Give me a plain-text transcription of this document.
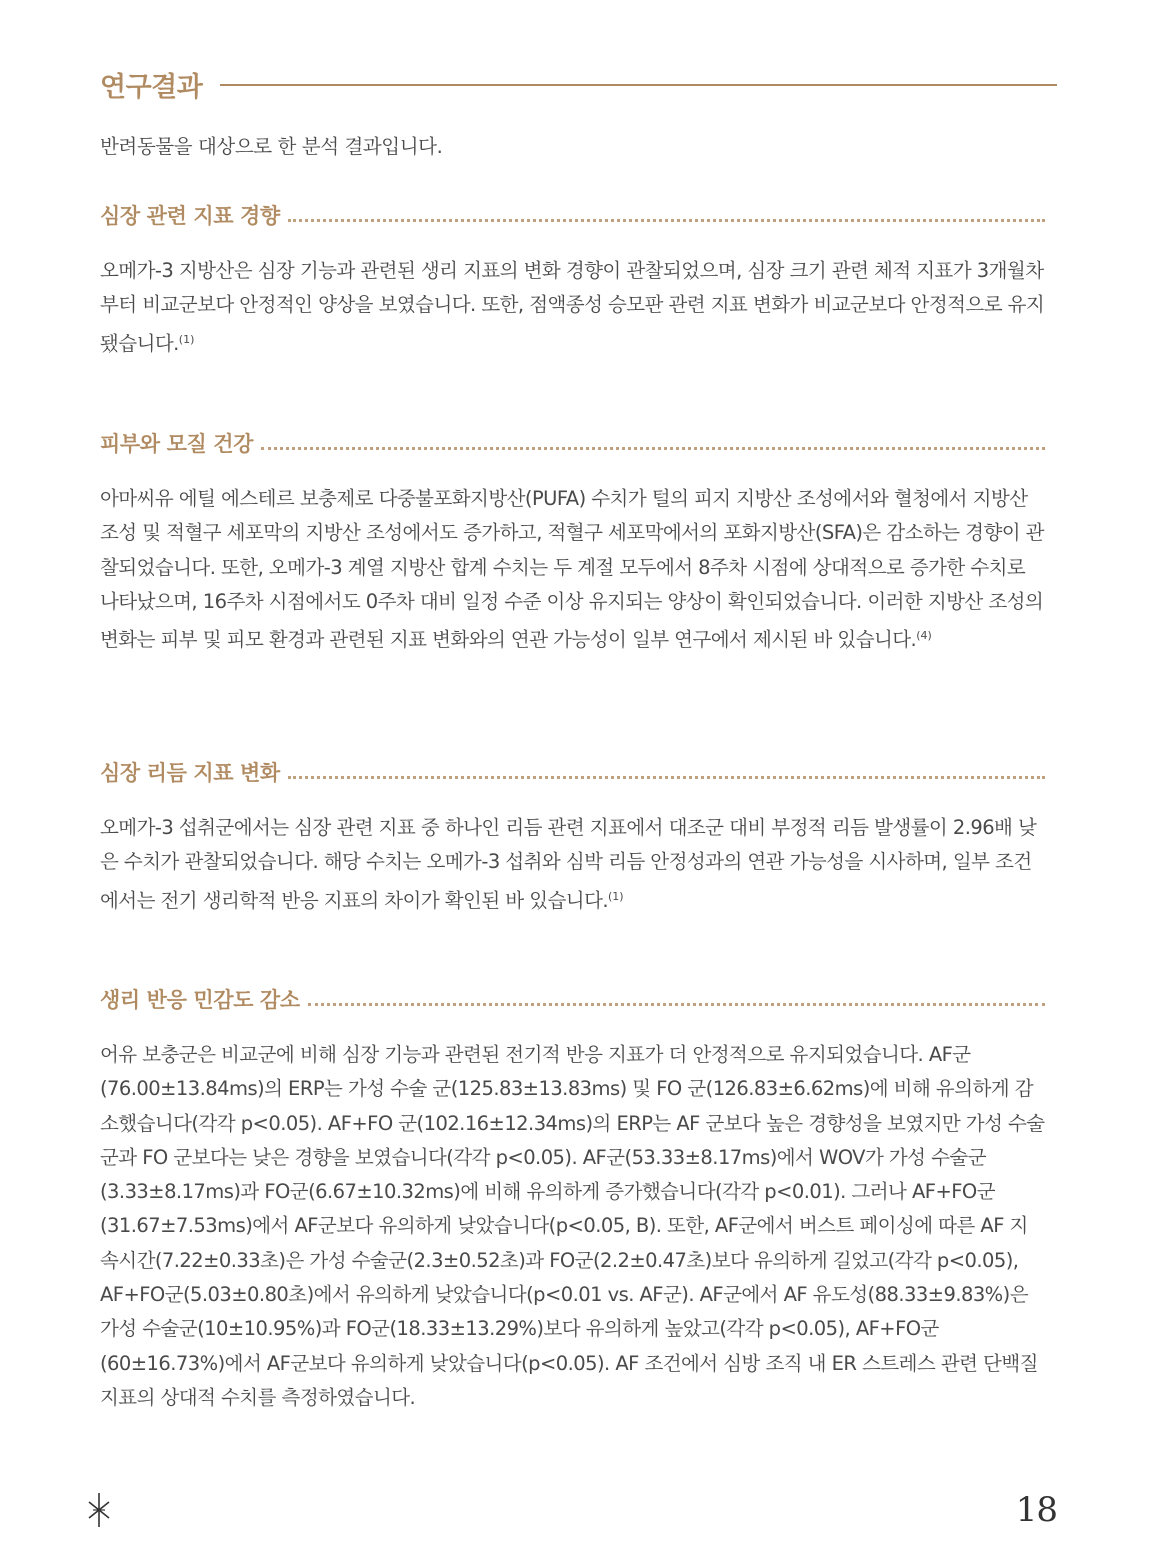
연구결과
반려동물을 대상으로 한 분석 결과입니다.
심장 관련 지표 경향
오메가-3 지방산은 심장 기능과 관련된 생리 지표의 변화 경향이 관찰되었으며, 심장 크기 관련 체적 지표가 3개월차부터 비교군보다 안정적인 양상을 보였습니다. 또한, 점액종성 승모판 관련 지표 변화가 비교군보다 안정적으로 유지됐습니다.$^{(1)}$
피부와 모질 건강
아마씨유 에틸 에스테르 보충제로 다중불포화지방산(PUFA) 수치가 털의 피지 지방산 조성에서와 혈청에서 지방산 조성 및 적혈구 세포막의 지방산 조성에서도 증가하고, 적혈구 세포막에서의 포화지방산(SFA)은 감소하는 경향이 관찰되었습니다. 또한, 오메가-3 계열 지방산 합계 수치는 두 계절 모두에서 8주차 시점에 상대적으로 증가한 수치로 나타났으며, 16주차 시점에서도 0주차 대비 일정 수준 이상 유지되는 양상이 확인되었습니다. 이러한 지방산 조성의 변화는 피부 및 피모 환경과 관련된 지표 변화와의 연관 가능성이 일부 연구에서 제시된 바 있습니다.$^{(4)}$
심장 리듬 지표 변화
오메가-3 섭취군에서는 심장 관련 지표 중 하나인 리듬 관련 지표에서 대조군 대비 부정적 리듬 발생률이 2.96배 낮은 수치가 관찰되었습니다. 해당 수치는 오메가-3 섭취와 심박 리듬 안정성과의 연관 가능성을 시사하며, 일부 조건에서는 전기 생리학적 반응 지표의 차이가 확인된 바 있습니다.$^{(1)}$
생리 반응 민감도 감소
어유 보충군은 비교군에 비해 심장 기능과 관련된 전기적 반응 지표가 더 안정적으로 유지되었습니다. AF군(76.00±13.84ms)의 ERP는 가성 수술 군(125.83±13.83ms) 및 FO 군(126.83±6.62ms)에 비해 유의하게 감소했습니다(각각 p<0.05). AF+FO 군(102.16±12.34ms)의 ERP는 AF 군보다 높은 경향성을 보였지만 가성 수술 군과 FO 군보다는 낮은 경향을 보였습니다(각각 p<0.05). AF군(53.33±8.17ms)에서 WOV가 가성 수술군(3.33±8.17ms)과 FO군(6.67±10.32ms)에 비해 유의하게 증가했습니다(각각 p<0.01). 그러나 AF+FO군(31.67±7.53ms)에서 AF군보다 유의하게 낮았습니다(p<0.05, B). 또한, AF군에서 버스트 페이싱에 따른 AF 지속시간(7.22±0.33초)은 가성 수술군(2.3±0.52초)과 FO군(2.2±0.47초)보다 유의하게 길었고(각각 p<0.05), AF+FO군(5.03±0.80초)에서 유의하게 낮았습니다(p<0.01 vs. AF군). AF군에서 AF 유도성(88.33±9.83%)은 가성 수술군(10±10.95%)과 FO군(18.33±13.29%)보다 유의하게 높았고(각각 p<0.05), AF+FO군(60±16.73%)에서 AF군보다 유의하게 낮았습니다(p<0.05). AF 조건에서 심방 조직 내 ER 스트레스 관련 단백질 지표의 상대적 수치를 측정하였습니다.
18
